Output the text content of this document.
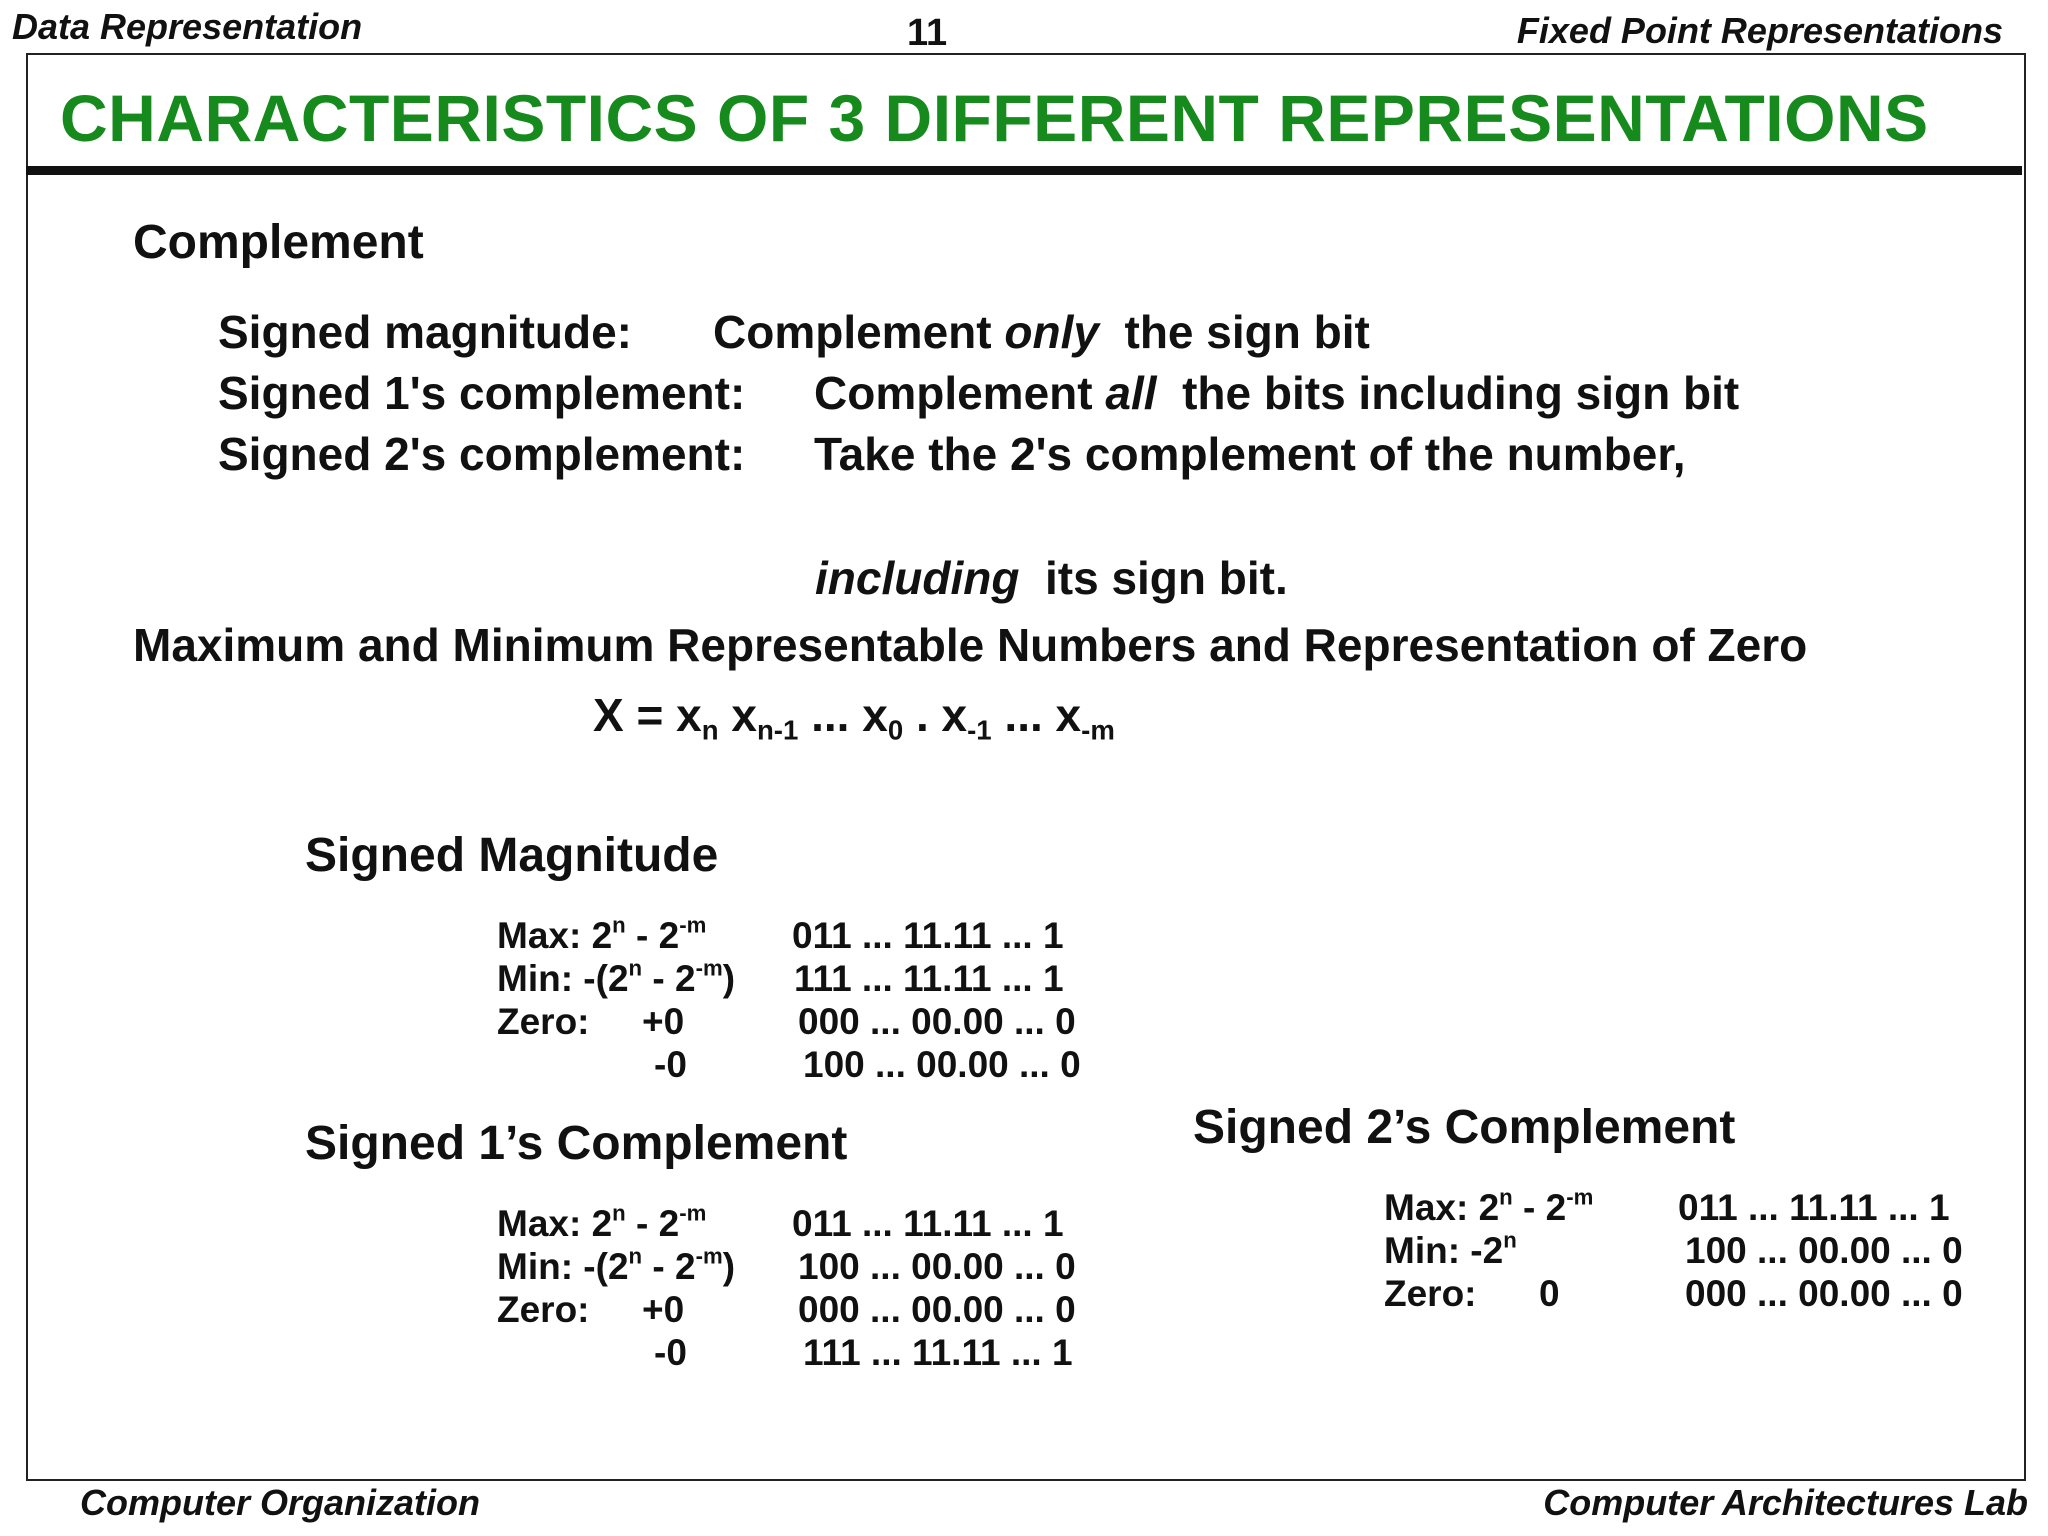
Data Representation	11	Fixed Point Representations
CHARACTERISTICS OF 3 DIFFERENT REPRESENTATIONS
Complement
Signed magnitude: Complement only  the sign bit
Signed 1's complement: Complement all  the bits including sign bit
Signed 2's complement: Take the 2's complement of the number,
including  its sign bit.
Maximum and Minimum Representable Numbers and Representation of Zero
$X = x_n$ $x_{n-1}$ ... $x_0$ . $x_{-1}$ ... $x_{-m}$
Signed Magnitude
Max: $2^n - 2^{-m}$ 011 ... 11.11 ... 1
Min: $-(2^n - 2^{-m})$ 111 ... 11.11 ... 1
Zero: +0	000 ... 00.00 ... 0
-0	100 ... 00.00 ... 0
Signed 1’s Complement
Max: $2^n - 2^{-m}$ 011 ... 11.11 ... 1
Min: $-(2^n - 2^{-m})$ 100 ... 00.00 ... 0
Zero: +0	000 ... 00.00 ... 0
-0	111 ... 11.11 ... 1
Signed 2’s Complement
Max: $2^n - 2^{-m}$ 011 ... 11.11 ... 1
Min: -2$^n$	100 ... 00.00 ... 0
Zero: 0	000 ... 00.00 ... 0
Computer Organization	Computer Architectures Lab
